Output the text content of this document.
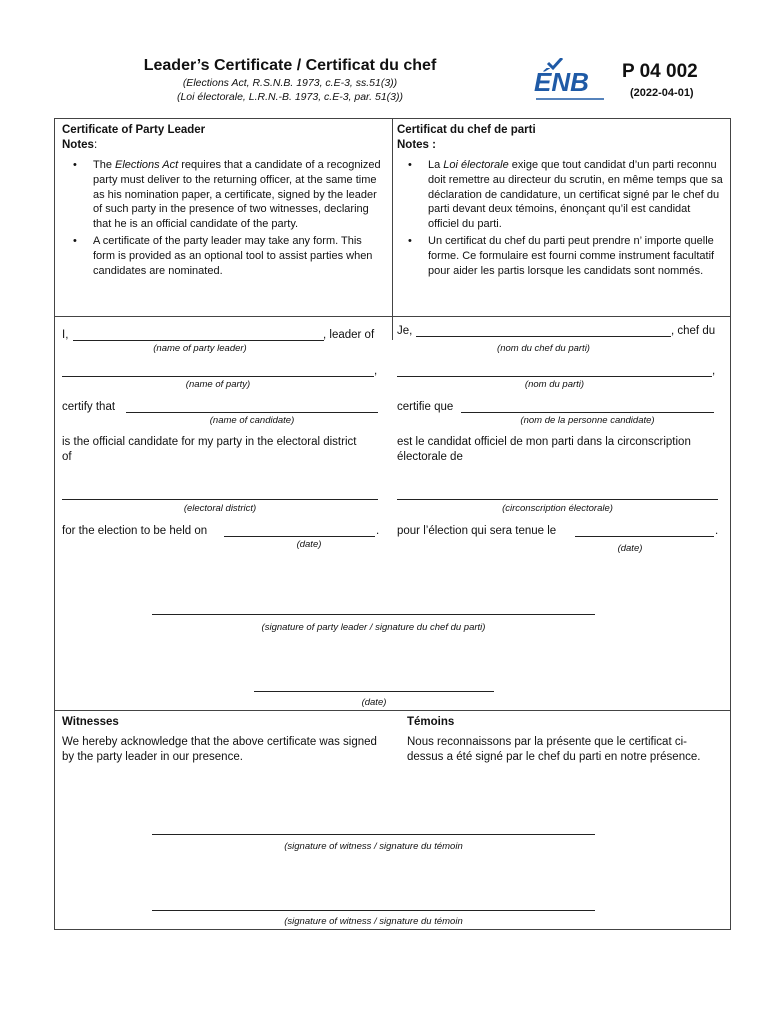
Leader’s Certificate / Certificat du chef
(Elections Act, R.S.N.B. 1973, c.E-3, ss.51(3))
(Loi électorale, L.R.N.-B. 1973, c.E-3, par. 51(3))	ÉNB P 04 002
(2022-04-01)
Certificate of Party Leader
Notes:
• The Elections Act requires that a candidate of a recognized party must deliver to the returning officer, at the same time as his nomination paper, a certificate, signed by the leader of such party in the presence of two witnesses, declaring that he is an official candidate of the party.
• A certificate of the party leader may take any form. This form is provided as an optional tool to assist parties when candidates are nominated.
Certificat du chef de parti
Notes :
• La Loi électorale exige que tout candidat d’un parti reconnu doit remettre au directeur du scrutin, en même temps que sa déclaration de candidature, un certificat signé par le chef du parti devant deux témoins, énonçant qu’il est candidat officiel du parti.
• Un certificat du chef du parti peut prendre n’ importe quelle forme. Ce formulaire est fourni comme instrument facultatif pour aider les partis lorsque les candidats sont nommés.
I,	, leader of
(name of party leader)
,
(name of party)
certify that
(name of candidate)
is the official candidate for my party in the electoral district of
(electoral district)
for the election to be held on	.
(date)
Je,	, chef du
(nom du chef du parti)
,
(nom du parti)
certifie que
(nom de la personne candidate)
est le candidat officiel de mon parti dans la circonscription électorale de
(circonscription électorale)
pour l’élection qui sera tenue le	.
(date)
(signature of party leader / signature du chef du parti)
(date)
Witnesses
We hereby acknowledge that the above certificate was signed by the party leader in our presence.
Témoins
Nous reconnaissons par la présente que le certificat ci-dessus a été signé par le chef du parti en notre présence.
(signature of witness / signature du témoin
(signature of witness / signature du témoin
